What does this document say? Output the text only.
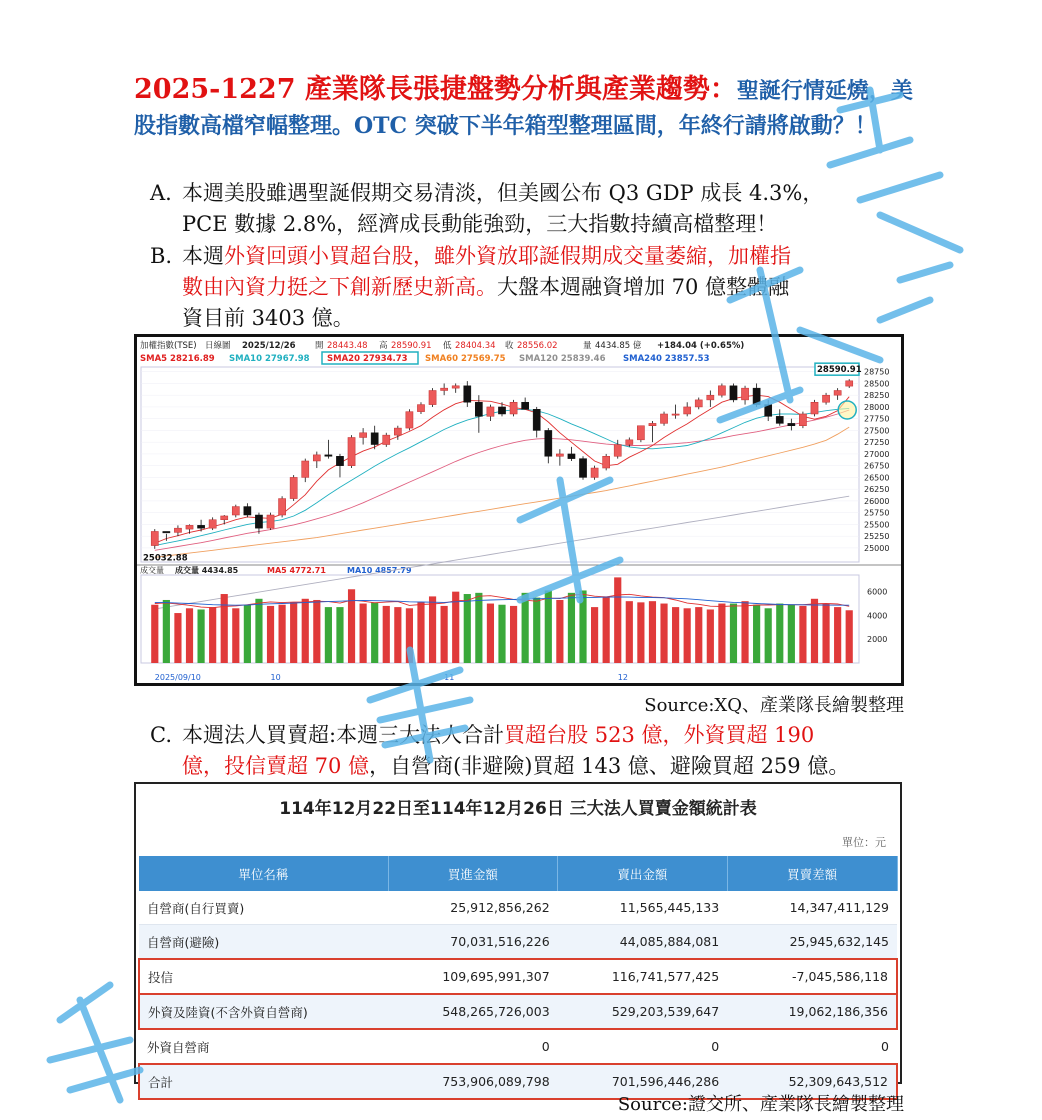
2025-1227 產業隊長張捷盤勢分析與產業趨勢：聖誕行情延燒，美股指數高檔窄幅整理。OTC 突破下半年箱型整理區間，年終行請將啟動？！
A. 本週美股雖遇聖誕假期交易清淡，但美國公布 Q3 GDP 成長 4.3%，
PCE 數據 2.8%，經濟成長動能強勁，三大指數持續高檔整理！
B. 本週外資回頭小買超台股，雖外資放耶誕假期成交量萎縮，加權指
數由內資力挺之下創新歷史新高。大盤本週融資增加 70 億整體融
資目前 3403 億。
加權指數(TSE) 日線圖 2025/12/26 開 28443.48 高 28590.91 低 28404.34 收 28556.02	量 4434.85 億 +184.04 (+0.65%)
SMA5 28216.89 SMA10 27967.98 SMA20 27934.73 SMA60 27569.75 SMA120 25839.46 SMA240 23857.53
28750
28500
28250
28000
27750
27500
27250
27000
26750
26500
26250
26000
25750
25500
25250
25000
6000
4000
2000
成交量 成交量 4434.85	MA5 4772.71	MA10 4857.79
2025/09/10	10	11	12
28590.91
25032.88
Source:XQ、產業隊長繪製整理
C. 本週法人買賣超:本週三大法人合計買超台股 523 億，外資買超 190
億，投信賣超 70 億，自營商(非避險)買超 143 億、避險買超 259 億。
114年12月22日至114年12月26日 三大法人買賣金額統計表
單位：元
單位名稱	買進金額	賣出金額	買賣差額
自營商(自行買賣)	25,912,856,262	11,565,445,133	14,347,411,129
自營商(避險)	70,031,516,226	44,085,884,081	25,945,632,145
投信	109,695,991,307	116,741,577,425	-7,045,586,118
外資及陸資(不含外資自營商)	548,265,726,003	529,203,539,647	19,062,186,356
外資自營商	0	0	0
合計	753,906,089,798	701,596,446,286	52,309,643,512
Source:證交所、產業隊長繪製整理
